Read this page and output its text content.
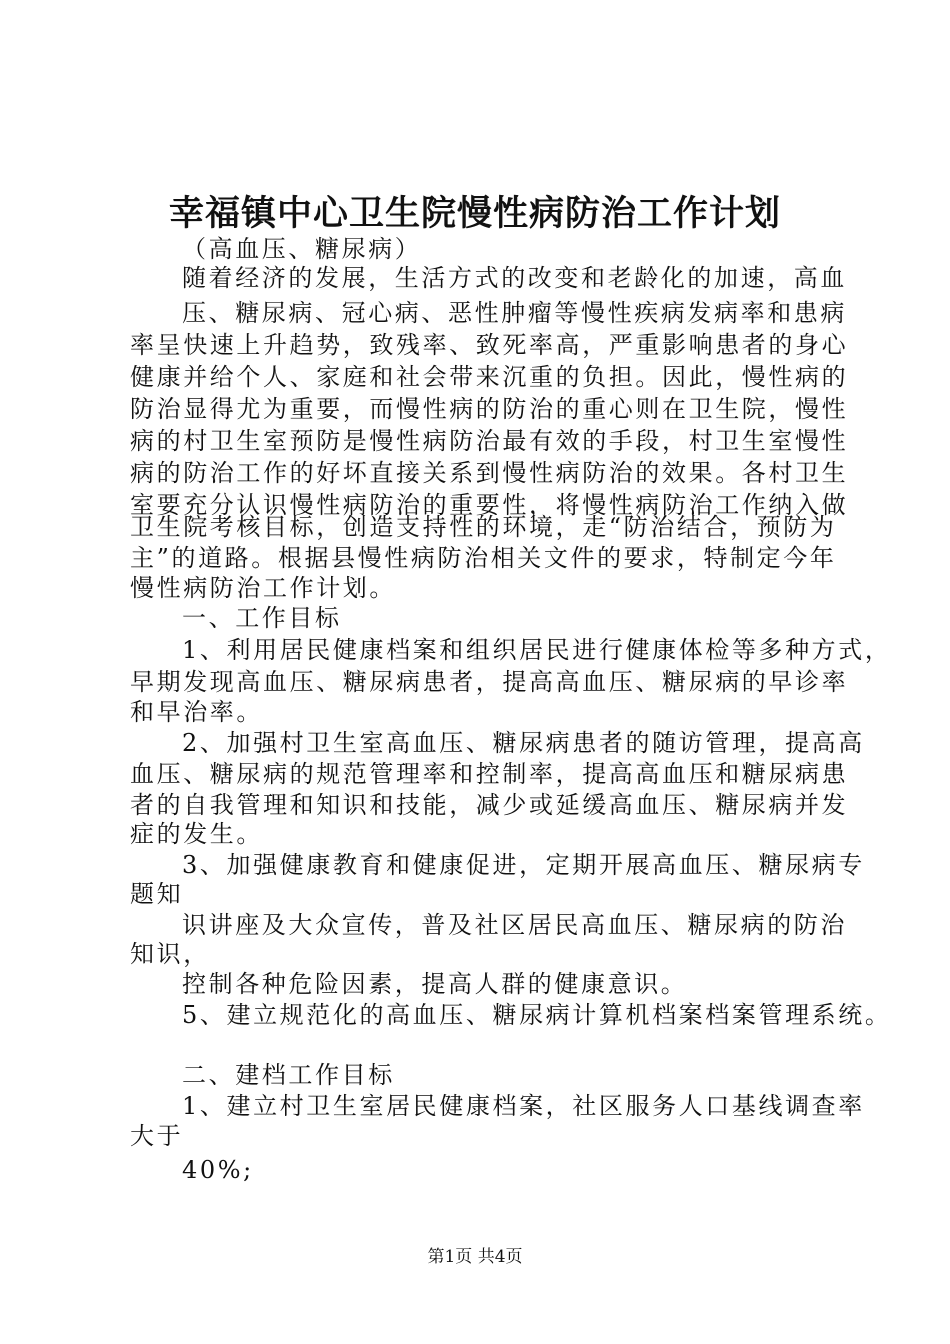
幸福镇中心卫生院慢性病防治工作计划
（高血压、糖尿病）
随着经济的发展，生活方式的改变和老龄化的加速，高血
压、糖尿病、冠心病、恶性肿瘤等慢性疾病发病率和患病
率呈快速上升趋势，致残率、致死率高，严重影响患者的身心
健康并给个人、家庭和社会带来沉重的负担。因此，慢性病的
防治显得尤为重要，而慢性病的防治的重心则在卫生院，慢性
病的村卫生室预防是慢性病防治最有效的手段，村卫生室慢性
病的防治工作的好坏直接关系到慢性病防治的效果。各村卫生
室要充分认识慢性病防治的重要性，将慢性病防治工作纳入做
卫生院考核目标，创造支持性的环境，走“防治结合，预防为
主”的道路。根据县慢性病防治相关文件的要求，特制定今年
慢性病防治工作计划。
一、工作目标
1、利用居民健康档案和组织居民进行健康体检等多种方式，
早期发现高血压、糖尿病患者，提高高血压、糖尿病的早诊率
和早治率。
2、加强村卫生室高血压、糖尿病患者的随访管理，提高高
血压、糖尿病的规范管理率和控制率，提高高血压和糖尿病患
者的自我管理和知识和技能，减少或延缓高血压、糖尿病并发
症的发生。
3、加强健康教育和健康促进，定期开展高血压、糖尿病专
题知
识讲座及大众宣传，普及社区居民高血压、糖尿病的防治
知识，
控制各种危险因素，提高人群的健康意识。
5、建立规范化的高血压、糖尿病计算机档案档案管理系统。
二、建档工作目标
1、建立村卫生室居民健康档案，社区服务人口基线调查率
大于
40%;
第1页 共4页
